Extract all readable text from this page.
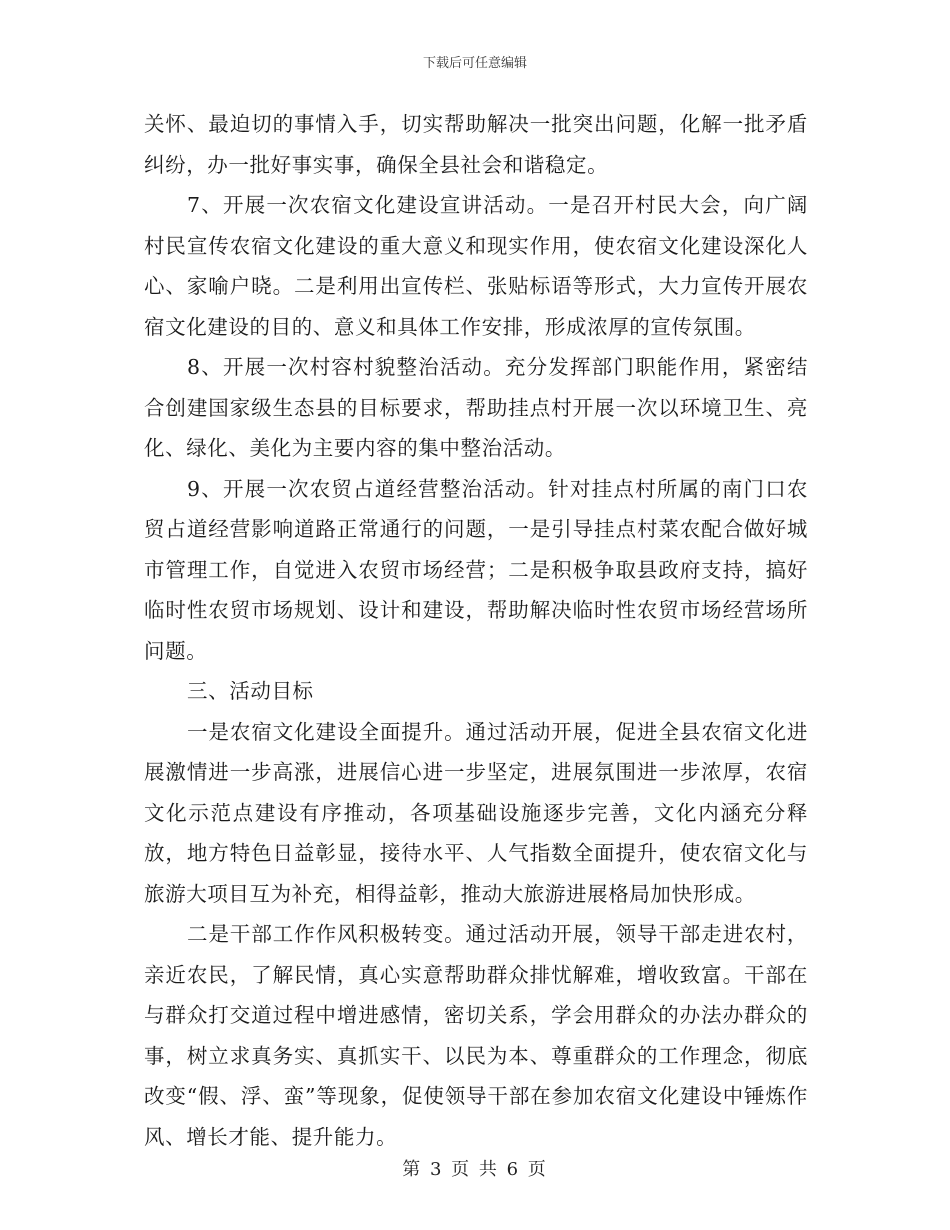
下载后可任意编辑

关怀、最迫切的事情入手，切实帮助解决一批突出问题，化解一批矛盾纠纷，办一批好事实事，确保全县社会和谐稳定。

7、开展一次农宿文化建设宣讲活动。一是召开村民大会，向广阔村民宣传农宿文化建设的重大意义和现实作用，使农宿文化建设深化人心、家喻户晓。二是利用出宣传栏、张贴标语等形式，大力宣传开展农宿文化建设的目的、意义和具体工作安排，形成浓厚的宣传氛围。

8、开展一次村容村貌整治活动。充分发挥部门职能作用，紧密结合创建国家级生态县的目标要求，帮助挂点村开展一次以环境卫生、亮化、绿化、美化为主要内容的集中整治活动。

9、开展一次农贸占道经营整治活动。针对挂点村所属的南门口农贸占道经营影响道路正常通行的问题，一是引导挂点村菜农配合做好城市管理工作，自觉进入农贸市场经营；二是积极争取县政府支持，搞好临时性农贸市场规划、设计和建设，帮助解决临时性农贸市场经营场所问题。

三、活动目标

一是农宿文化建设全面提升。通过活动开展，促进全县农宿文化进展激情进一步高涨，进展信心进一步坚定，进展氛围进一步浓厚，农宿文化示范点建设有序推动，各项基础设施逐步完善，文化内涵充分释放，地方特色日益彰显，接待水平、人气指数全面提升，使农宿文化与旅游大项目互为补充，相得益彰，推动大旅游进展格局加快形成。

二是干部工作作风积极转变。通过活动开展，领导干部走进农村，亲近农民，了解民情，真心实意帮助群众排忧解难，增收致富。干部在与群众打交道过程中增进感情，密切关系，学会用群众的办法办群众的事，树立求真务实、真抓实干、以民为本、尊重群众的工作理念，彻底改变“假、浮、蛮”等现象，促使领导干部在参加农宿文化建设中锤炼作风、增长才能、提升能力。

第 3 页 共 6 页
